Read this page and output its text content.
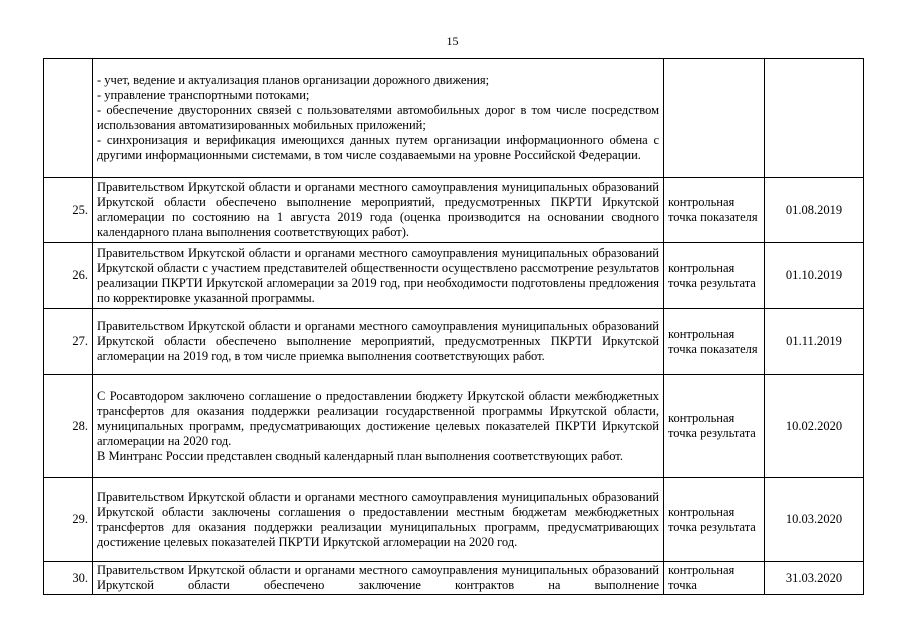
15

	- учет, ведение и актуализация планов организации дорожного движения;
- управление транспортными потоками;
- обеспечение двусторонних связей с пользователями автомобильных дорог в том числе посредством использования автоматизированных мобильных приложений;
- синхронизация и верификация имеющихся данных путем организации информационного обмена с другими информационными системами, в том числе создаваемыми на уровне Российской Федерации.		

25.	Правительством Иркутской области и органами местного самоуправления муниципальных образований Иркутской области обеспечено выполнение мероприятий, предусмотренных ПКРТИ Иркутской агломерации по состоянию на 1 августа 2019 года (оценка производится на основании сводного календарного плана выполнения соответствующих работ).	контрольная точка показателя	01.08.2019
26.	Правительством Иркутской области и органами местного самоуправления муниципальных образований Иркутской области с участием представителей общественности осуществлено рассмотрение результатов реализации ПКРТИ Иркутской агломерации за 2019 год, при необходимости подготовлены предложения по корректировке указанной программы.	контрольная точка результата	01.10.2019
27.	Правительством Иркутской области и органами местного самоуправления муниципальных образований Иркутской области обеспечено выполнение мероприятий, предусмотренных ПКРТИ Иркутской агломерации на 2019 год, в том числе приемка выполнения соответствующих работ.	контрольная точка показателя	01.11.2019
28.	С Росавтодором заключено соглашение о предоставлении бюджету Иркутской области межбюджетных трансфертов для оказания поддержки реализации государственной программы Иркутской области, муниципальных программ, предусматривающих достижение целевых показателей ПКРТИ Иркутской агломерации на 2020 год.
В Минтранс России представлен сводный календарный план выполнения соответствующих работ.	контрольная точка результата	10.02.2020
29.	Правительством Иркутской области и органами местного самоуправления муниципальных образований Иркутской области заключены соглашения о предоставлении местным бюджетам межбюджетных трансфертов для оказания поддержки реализации муниципальных программ, предусматривающих достижение целевых показателей ПКРТИ Иркутской агломерации на 2020 год.	контрольная точка результата	10.03.2020
30.	Правительством Иркутской области и органами местного самоуправления муниципальных образований Иркутской области обеспечено заключение контрактов на выполнение	контрольная точка	31.03.2020
